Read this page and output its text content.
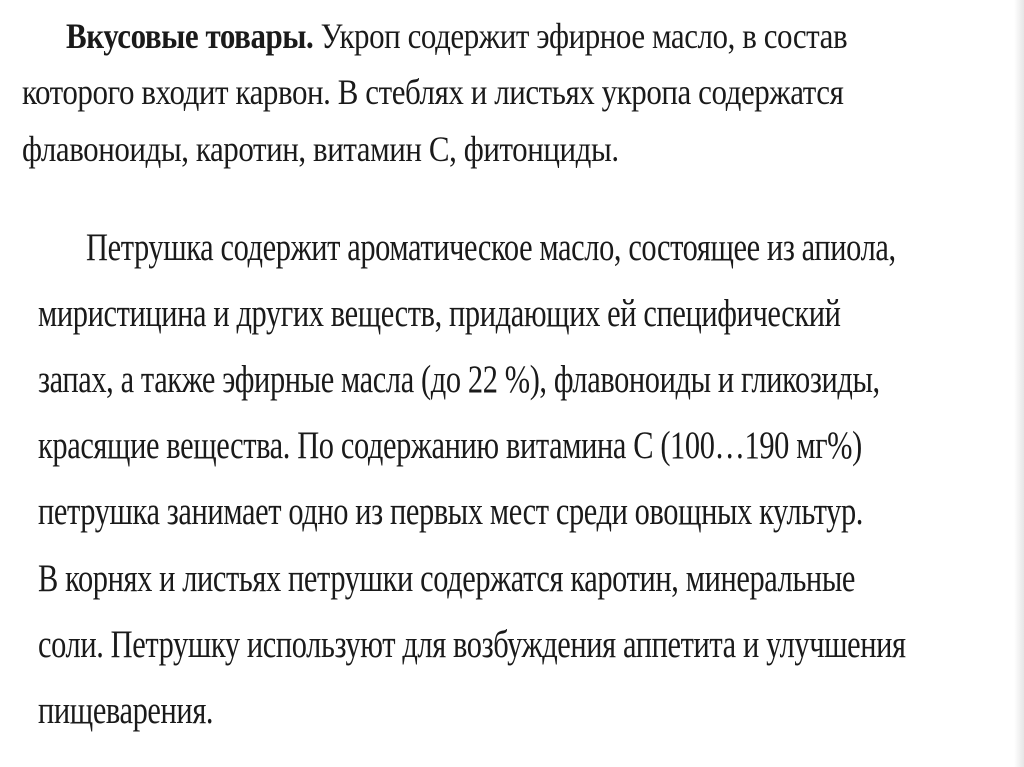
Вкусовые товары. Укроп содержит эфирное масло, в состав
которого входит карвон. В стеблях и листьях укропа содержатся
флавоноиды, каротин, витамин С, фитонциды.
Петрушка содержит ароматическое масло, состоящее из апиола,
миристицина и других веществ, придающих ей специфический
запах, а также эфирные масла (до 22 %), флавоноиды и гликозиды,
красящие вещества. По содержанию витамина С (100…190 мг%)
петрушка занимает одно из первых мест среди овощных культур.
В корнях и листьях петрушки содержатся каротин, минеральные
соли. Петрушку используют для возбуждения аппетита и улучшения
пищеварения.
